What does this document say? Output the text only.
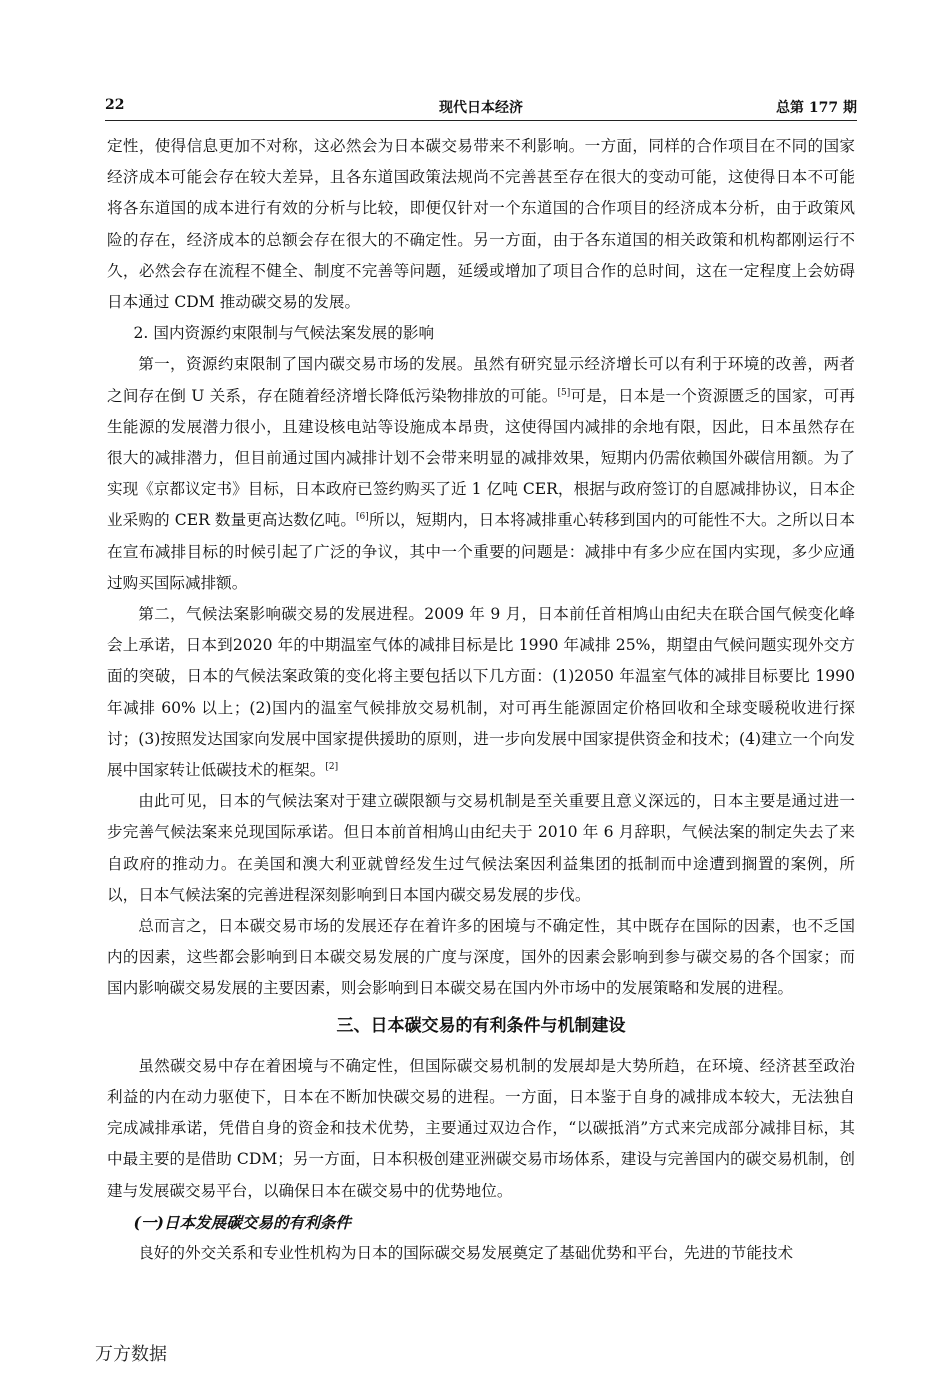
22	现代日本经济	总第 177 期

定性，使得信息更加不对称，这必然会为日本碳交易带来不利影响。一方面，同样的合作项目在不同的国家经济成本可能会存在较大差异，且各东道国政策法规尚不完善甚至存在很大的变动可能，这使得日本不可能将各东道国的成本进行有效的分析与比较，即便仅针对一个东道国的合作项目的经济成本分析，由于政策风险的存在，经济成本的总额会存在很大的不确定性。另一方面，由于各东道国的相关政策和机构都刚运行不久，必然会存在流程不健全、制度不完善等问题，延缓或增加了项目合作的总时间，这在一定程度上会妨碍日本通过 CDM 推动碳交易的发展。

2. 国内资源约束限制与气候法案发展的影响

第一，资源约束限制了国内碳交易市场的发展。虽然有研究显示经济增长可以有利于环境的改善，两者之间存在倒 U 关系，存在随着经济增长降低污染物排放的可能。[5]可是，日本是一个资源匮乏的国家，可再生能源的发展潜力很小，且建设核电站等设施成本昂贵，这使得国内减排的余地有限，因此，日本虽然存在很大的减排潜力，但目前通过国内减排计划不会带来明显的减排效果，短期内仍需依赖国外碳信用额。为了实现《京都议定书》目标，日本政府已签约购买了近 1 亿吨 CER，根据与政府签订的自愿减排协议，日本企业采购的 CER 数量更高达数亿吨。[6]所以，短期内，日本将减排重心转移到国内的可能性不大。之所以日本在宣布减排目标的时候引起了广泛的争议，其中一个重要的问题是：减排中有多少应在国内实现，多少应通过购买国际减排额。

第二，气候法案影响碳交易的发展进程。2009 年 9 月，日本前任首相鸠山由纪夫在联合国气候变化峰会上承诺，日本到2020 年的中期温室气体的减排目标是比 1990 年减排 25%，期望由气候问题实现外交方面的突破，日本的气候法案政策的变化将主要包括以下几方面：(1)2050 年温室气体的减排目标要比 1990 年减排 60% 以上；(2)国内的温室气候排放交易机制，对可再生能源固定价格回收和全球变暖税收进行探讨；(3)按照发达国家向发展中国家提供援助的原则，进一步向发展中国家提供资金和技术；(4)建立一个向发展中国家转让低碳技术的框架。[2]

由此可见，日本的气候法案对于建立碳限额与交易机制是至关重要且意义深远的，日本主要是通过进一步完善气候法案来兑现国际承诺。但日本前首相鸠山由纪夫于 2010 年 6 月辞职，气候法案的制定失去了来自政府的推动力。在美国和澳大利亚就曾经发生过气候法案因利益集团的抵制而中途遭到搁置的案例，所以，日本气候法案的完善进程深刻影响到日本国内碳交易发展的步伐。

总而言之，日本碳交易市场的发展还存在着许多的困境与不确定性，其中既存在国际的因素，也不乏国内的因素，这些都会影响到日本碳交易发展的广度与深度，国外的因素会影响到参与碳交易的各个国家；而国内影响碳交易发展的主要因素，则会影响到日本碳交易在国内外市场中的发展策略和发展的进程。

三、日本碳交易的有利条件与机制建设

虽然碳交易中存在着困境与不确定性，但国际碳交易机制的发展却是大势所趋，在环境、经济甚至政治利益的内在动力驱使下，日本在不断加快碳交易的进程。一方面，日本鉴于自身的减排成本较大，无法独自完成减排承诺，凭借自身的资金和技术优势，主要通过双边合作，“以碳抵消”方式来完成部分减排目标，其中最主要的是借助 CDM；另一方面，日本积极创建亚洲碳交易市场体系，建设与完善国内的碳交易机制，创建与发展碳交易平台，以确保日本在碳交易中的优势地位。

(一)日本发展碳交易的有利条件

良好的外交关系和专业性机构为日本的国际碳交易发展奠定了基础优势和平台，先进的节能技术

万方数据
